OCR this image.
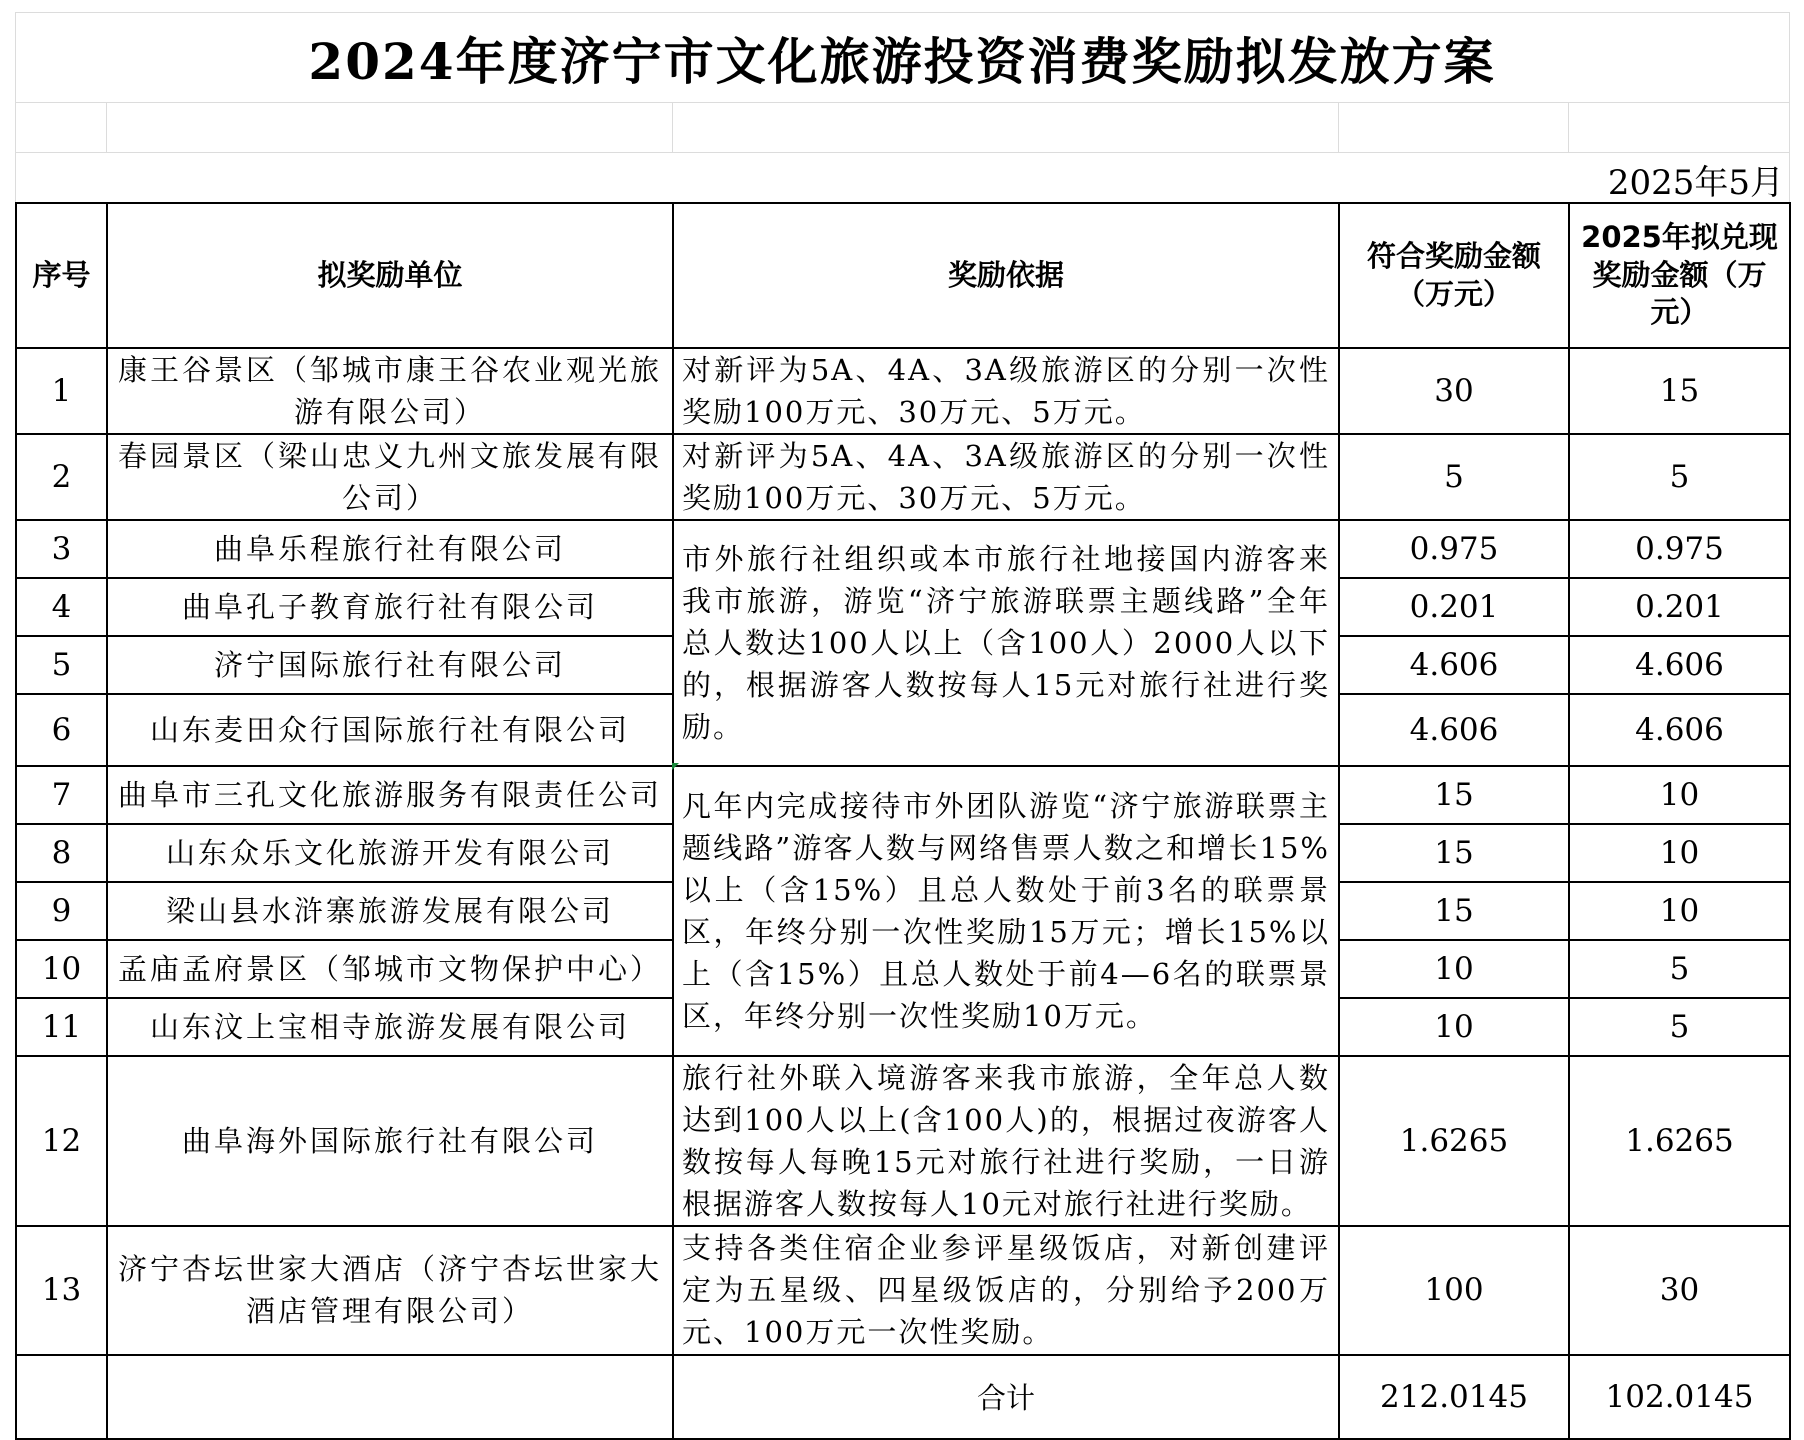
2024年度济宁市文化旅游投资消费奖励拟发放方案
2025年5月
序号	拟奖励单位	奖励依据	符合奖励金额（万元）	2025年拟兑现奖励金额（万元）
1	康王谷景区（邹城市康王谷农业观光旅游有限公司）	对新评为5A、4A、3A级旅游区的分别一次性奖励100万元、30万元、5万元。	30	15
2	春园景区（梁山忠义九州文旅发展有限公司）	对新评为5A、4A、3A级旅游区的分别一次性奖励100万元、30万元、5万元。	5	5
3	曲阜乐程旅行社有限公司	市外旅行社组织或本市旅行社地接国内游客来我市旅游，游览“济宁旅游联票主题线路”全年总人数达100人以上（含100人）2000人以下的，根据游客人数按每人15元对旅行社进行奖励。	0.975	0.975
4	曲阜孔子教育旅行社有限公司		0.201	0.201
5	济宁国际旅行社有限公司		4.606	4.606
6	山东麦田众行国际旅行社有限公司		4.606	4.606
7	曲阜市三孔文化旅游服务有限责任公司	凡年内完成接待市外团队游览“济宁旅游联票主题线路”游客人数与网络售票人数之和增长15%以上（含15%）且总人数处于前3名的联票景区，年终分别一次性奖励15万元；增长15%以上（含15%）且总人数处于前4—6名的联票景区，年终分别一次性奖励10万元。	15	10
8	山东众乐文化旅游开发有限公司		15	10
9	梁山县水浒寨旅游发展有限公司		15	10
10	孟庙孟府景区（邹城市文物保护中心）		10	5
11	山东汶上宝相寺旅游发展有限公司		10	5
12	曲阜海外国际旅行社有限公司	旅行社外联入境游客来我市旅游，全年总人数达到100人以上(含100人)的，根据过夜游客人数按每人每晚15元对旅行社进行奖励，一日游根据游客人数按每人10元对旅行社进行奖励。	1.6265	1.6265
13	济宁杏坛世家大酒店（济宁杏坛世家大酒店管理有限公司）	支持各类住宿企业参评星级饭店，对新创建评定为五星级、四星级饭店的，分别给予200万元、100万元一次性奖励。	100	30
		合计	212.0145	102.0145
